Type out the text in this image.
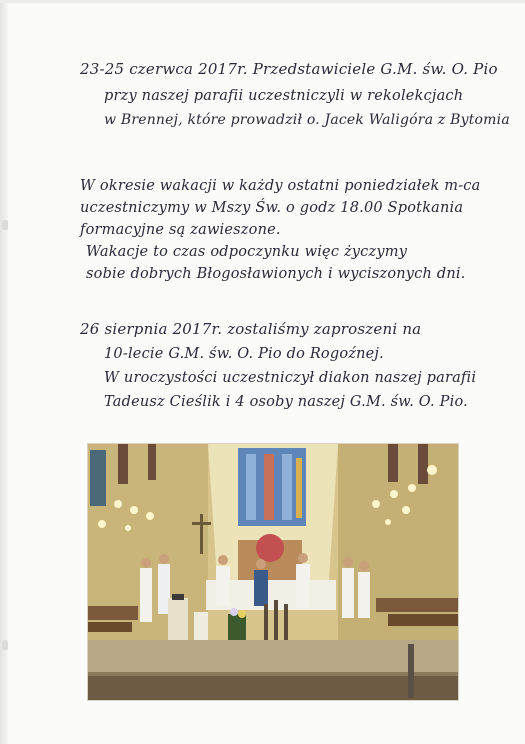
23-25 czerwca 2017r. Przedstawiciele G.M. św. O. Pio
przy naszej parafii uczestniczyli w rekolekcjach
w Brennej, które prowadził o. Jacek Waligóra z Bytomia
W okresie wakacji w każdy ostatni poniedziałek m-ca
uczestniczymy w Mszy Św. o godz 18.00 Spotkania
formacyjne są zawieszone.
Wakacje to czas odpoczynku więc życzymy
sobie dobrych Błogosławionych i wyciszonych dni.
26 sierpnia 2017r. zostaliśmy zaproszeni na
10-lecie G.M. św. O. Pio do Rogoźnej.
W uroczystości uczestniczył diakon naszej parafii
Tadeusz Cieślik i 4 osoby naszej G.M. św. O. Pio.
